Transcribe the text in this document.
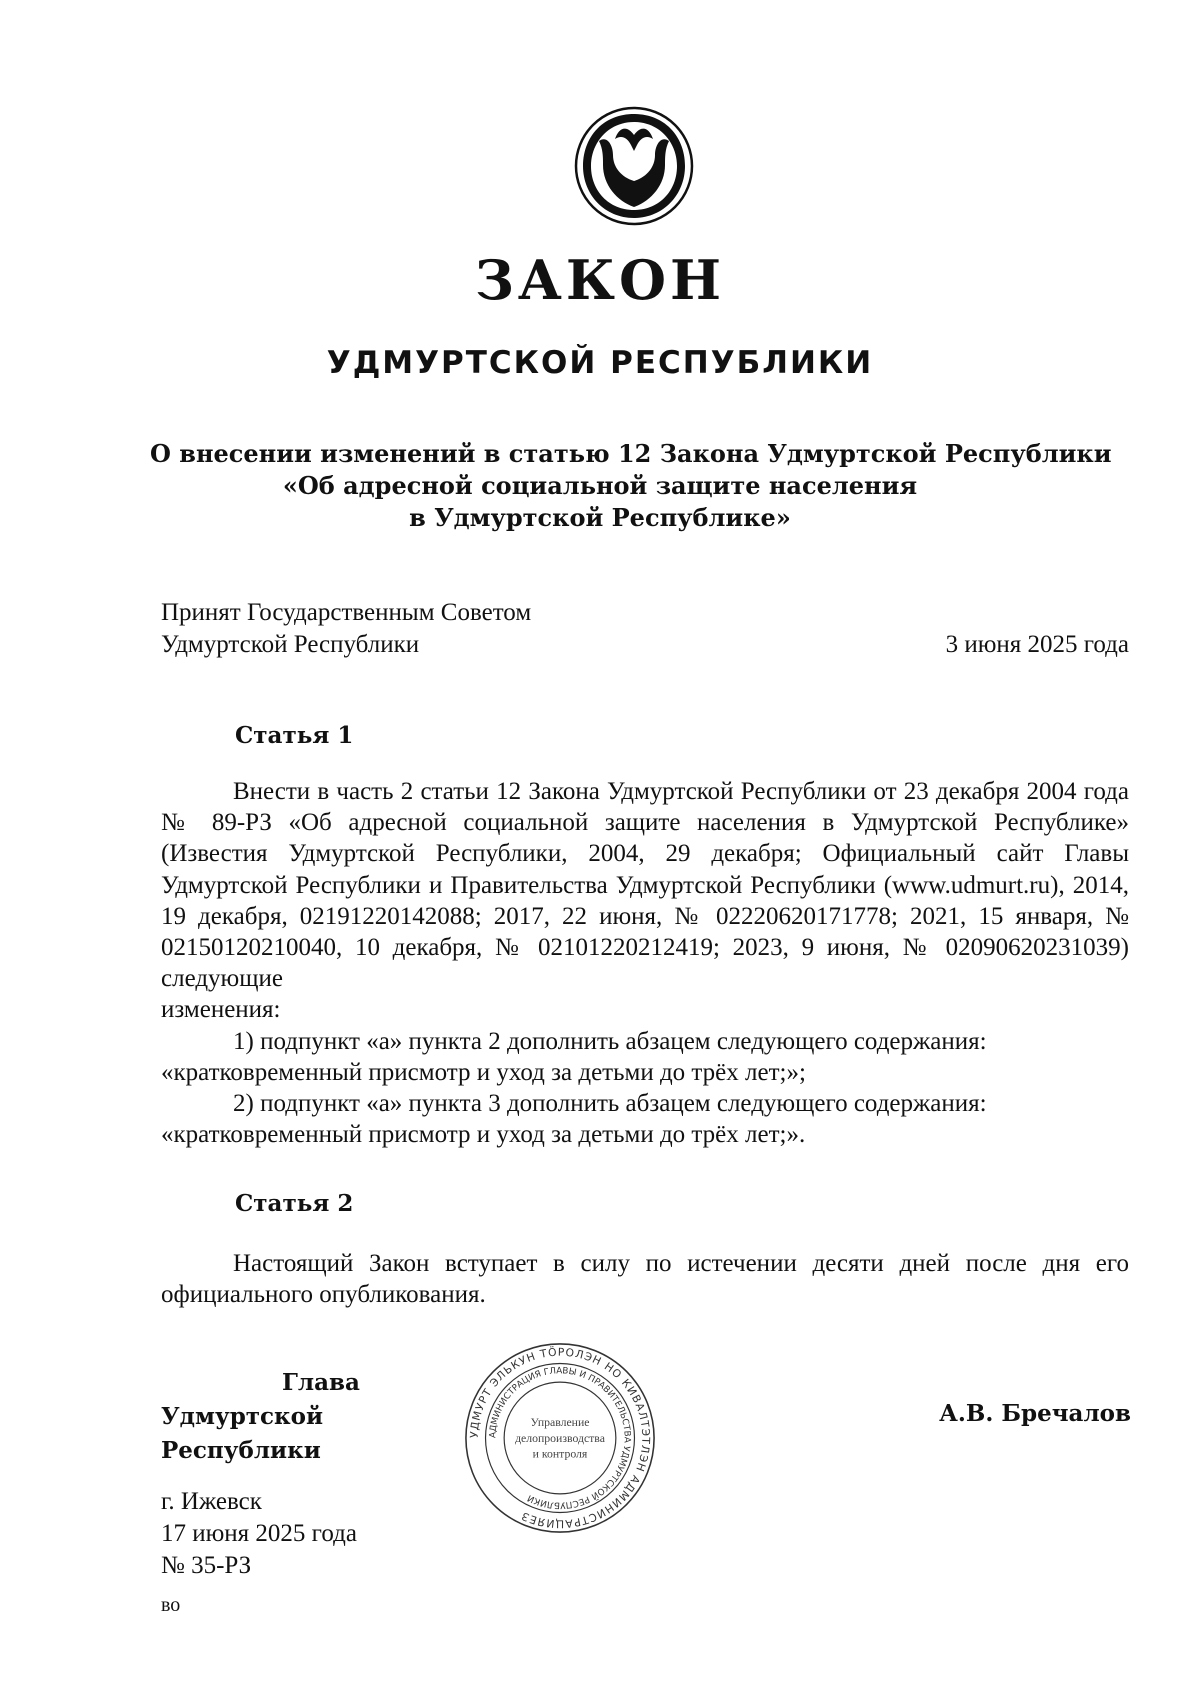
ЗАКОН
УДМУРТСКОЙ РЕСПУБЛИКИ
О внесении изменений в статью 12 Закона Удмуртской Республики
«Об адресной социальной защите населения
в Удмуртской Республике»
Принят Государственным Советом
Удмуртской Республики	3 июня 2025 года
Статья 1

Внести в часть 2 статьи 12 Закона Удмуртской Республики от 23 декабря 2004 года № 89-РЗ «Об адресной социальной защите населения в Удмуртской Республике» (Известия Удмуртской Республики, 2004, 29 декабря; Официальный сайт Главы Удмуртской Республики и Правительства Удмуртской Республики (www.udmurt.ru), 2014, 19 декабря, 02191220142088; 2017, 22 июня, № 02220620171778; 2021, 15 января, № 02150120210040, 10 декабря, № 02101220212419; 2023, 9 июня, № 02090620231039) следующие

изменения:

1) подпункт «а» пункта 2 дополнить абзацем следующего содержания:

«кратковременный присмотр и уход за детьми до трёх лет;»;

2) подпункт «а» пункта 3 дополнить абзацем следующего содержания:

«кратковременный присмотр и уход за детьми до трёх лет;».

Статья 2

Настоящий Закон вступает в силу по истечении десяти дней после дня его официального опубликования.

Глава
Удмуртской Республики
А.В. Бречалов
УДМУРТ ЭЛЬКУН ТӦРОЛЭН НО КИВАЛТЭТЛЭН АДМИНИСТРАЦИЯЕЗ
АДМИНИСТРАЦИЯ ГЛАВЫ И ПРАВИТЕЛЬСТВА УДМУРТСКОЙ РЕСПУБЛИКИ
Управление
делопроизводства
и контроля
г. Ижевск
17 июня 2025 года
№ 35-РЗ
во
